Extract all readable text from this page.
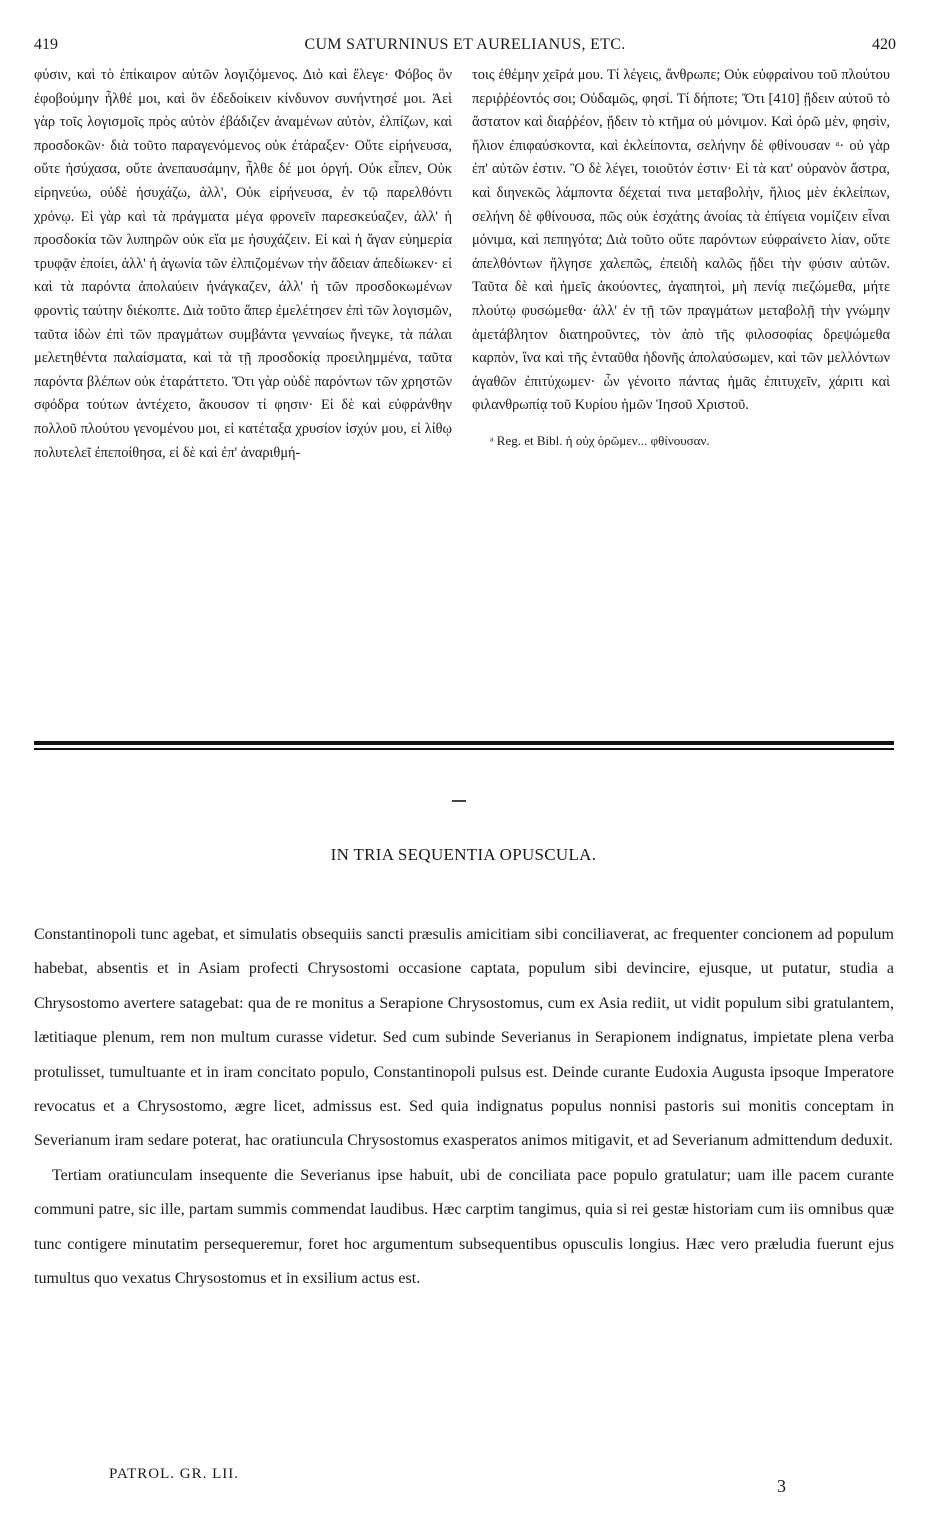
419	CUM SATURNINUS ET AURELIANUS, ETC.	420

φύσιν, καὶ τὸ ἐπίκαιρον αὐτῶν λογιζόμενος. Διὸ καὶ ἔλεγε· Φόβος ὃν ἐφοβούμην ἦλθέ μοι, καὶ ὃν ἐδεδοίκειν κίνδυνον συνήντησέ μοι. Ἀεὶ γὰρ τοῖς λογισμοῖς πρὸς αὐτὸν ἐβάδιζεν ἀναμένων αὐτὸν, ἐλπίζων, καὶ προσδοκῶν· διὰ τοῦτο παραγενόμενος οὐκ ἐτάραξεν· Οὔτε εἰρήνευσα, οὔτε ἡσύχασα, οὔτε ἀνεπαυσάμην, ἦλθε δέ μοι ὀργή. Οὐκ εἶπεν, Οὐκ εἰρηνεύω, οὐδὲ ἡσυχάζω, ἀλλ', Οὐκ εἰρήνευσα, ἐν τῷ παρελθόντι χρόνῳ. Εἰ γὰρ καὶ τὰ πράγματα μέγα φρονεῖν παρεσκεύαζεν, ἀλλ' ἡ προσδοκία τῶν λυπηρῶν οὐκ εἴα με ἡσυχάζειν. Εἰ καὶ ἡ ἄγαν εὐημερία τρυφᾷν ἐποίει, ἀλλ' ἡ ἀγωνία τῶν ἐλπιζομένων τὴν ἄδειαν ἀπεδίωκεν· εἰ καὶ τὰ παρόντα ἀπολαύειν ἠνάγκαζεν, ἀλλ' ἡ τῶν προσδοκωμένων φροντὶς ταύτην διέκοπτε. Διὰ τοῦτο ἅπερ ἐμελέτησεν ἐπὶ τῶν λογισμῶν, ταῦτα ἰδὼν ἐπὶ τῶν πραγμάτων συμβάντα γενναίως ἤνεγκε, τὰ πάλαι μελετηθέντα παλαίσματα, καὶ τὰ τῇ προσδοκίᾳ προειλημμένα, ταῦτα παρόντα βλέπων οὐκ ἐταράττετο. Ὅτι γὰρ οὐδὲ παρόντων τῶν χρηστῶν σφόδρα τούτων ἀντέχετο, ἄκουσον τί φησιν· Εἰ δὲ καὶ εὐφράνθην πολλοῦ πλούτου γενομένου μοι, εἰ κατέταξα χρυσίον ἰσχύν μου, εἰ λίθῳ πολυτελεῖ ἐπεποίθησα, εἰ δὲ καὶ ἐπ' ἀναριθμή-

τοις ἐθέμην χεῖρά μου. Τί λέγεις, ἄνθρωπε; Οὐκ εὐφραίνου τοῦ πλούτου περιῤῥέοντός σοι; Οὐδαμῶς, φησί. Τί δήποτε; Ὅτι [410] ᾔδειν αὐτοῦ τὸ ἄστατον καὶ διαῤῥέον, ᾔδειν τὸ κτῆμα οὐ μόνιμον. Καὶ ὁρῶ μὲν, φησὶν, ἥλιον ἐπιφαύσκοντα, καὶ ἐκλείποντα, σελήνην δὲ φθίνουσαν ᵃ· οὐ γὰρ ἐπ' αὐτῶν ἐστιν. Ὃ δὲ λέγει, τοιοῦτόν ἐστιν· Εἰ τὰ κατ' οὐρανὸν ἄστρα, καὶ διηνεκῶς λάμποντα δέχεταί τινα μεταβολὴν, ἥλιος μὲν ἐκλείπων, σελήνη δὲ φθίνουσα, πῶς οὐκ ἐσχάτης ἀνοίας τὰ ἐπίγεια νομίζειν εἶναι μόνιμα, καὶ πεπηγότα; Διὰ τοῦτο οὔτε παρόντων εὐφραίνετο λίαν, οὔτε ἀπελθόντων ἤλγησε χαλεπῶς, ἐπειδὴ καλῶς ᾔδει τὴν φύσιν αὐτῶν. Ταῦτα δὲ καὶ ἡμεῖς ἀκούοντες, ἀγαπητοὶ, μὴ πενίᾳ πιεζώμεθα, μήτε πλούτῳ φυσώμεθα· ἀλλ' ἐν τῇ τῶν πραγμάτων μεταβολῇ τὴν γνώμην ἀμετάβλητον διατηροῦντες, τὸν ἀπὸ τῆς φιλοσοφίας δρεψώμεθα καρπὸν, ἵνα καὶ τῆς ἐνταῦθα ἡδονῆς ἀπολαύσωμεν, καὶ τῶν μελλόντων ἀγαθῶν ἐπιτύχωμεν· ὧν γένοιτο πάντας ἡμᾶς ἐπιτυχεῖν, χάριτι καὶ φιλανθρωπίᾳ τοῦ Κυρίου ἡμῶν Ἰησοῦ Χριστοῦ.

ᵃ Reg. et Bibl. ἡ οὐχ ὁρῶμεν... φθίνουσαν.

IN TRIA SEQUENTIA OPUSCULA.

Constantinopoli tunc agebat, et simulatis obsequiis sancti præsulis amicitiam sibi conciliaverat, ac frequenter concionem ad populum habebat, absentis et in Asiam profecti Chrysostomi occasione captata, populum sibi devincire, ejusque, ut putatur, studia a Chrysostomo avertere satagebat: qua de re monitus a Serapione Chrysostomus, cum ex Asia rediit, ut vidit populum sibi gratulantem, lætitiaque plenum, rem non multum curasse videtur. Sed cum subinde Severianus in Serapionem indignatus, impietate plena verba protulisset, tumultuante et in iram concitato populo, Constantinopoli pulsus est. Deinde curante Eudoxia Augusta ipsoque Imperatore revocatus et a Chrysostomo, ægre licet, admissus est. Sed quia indignatus populus nonnisi pastoris sui monitis conceptam in Severianum iram sedare poterat, hac oratiuncula Chrysostomus exasperatos animos mitigavit, et ad Severianum admittendum deduxit.

Tertiam oratiunculam insequente die Severianus ipse habuit, ubi de conciliata pace populo gratulatur; uam ille pacem curante communi patre, sic ille, partam summis commendat laudibus. Hæc carptim tangimus, quia si rei gestæ historiam cum iis omnibus quæ tunc contigere minutatim persequeremur, foret hoc argumentum subsequentibus opusculis longius. Hæc vero præludia fuerunt ejus tumultus quo vexatus Chrysostomus et in exsilium actus est.

PATROL. GR. LII.
3
